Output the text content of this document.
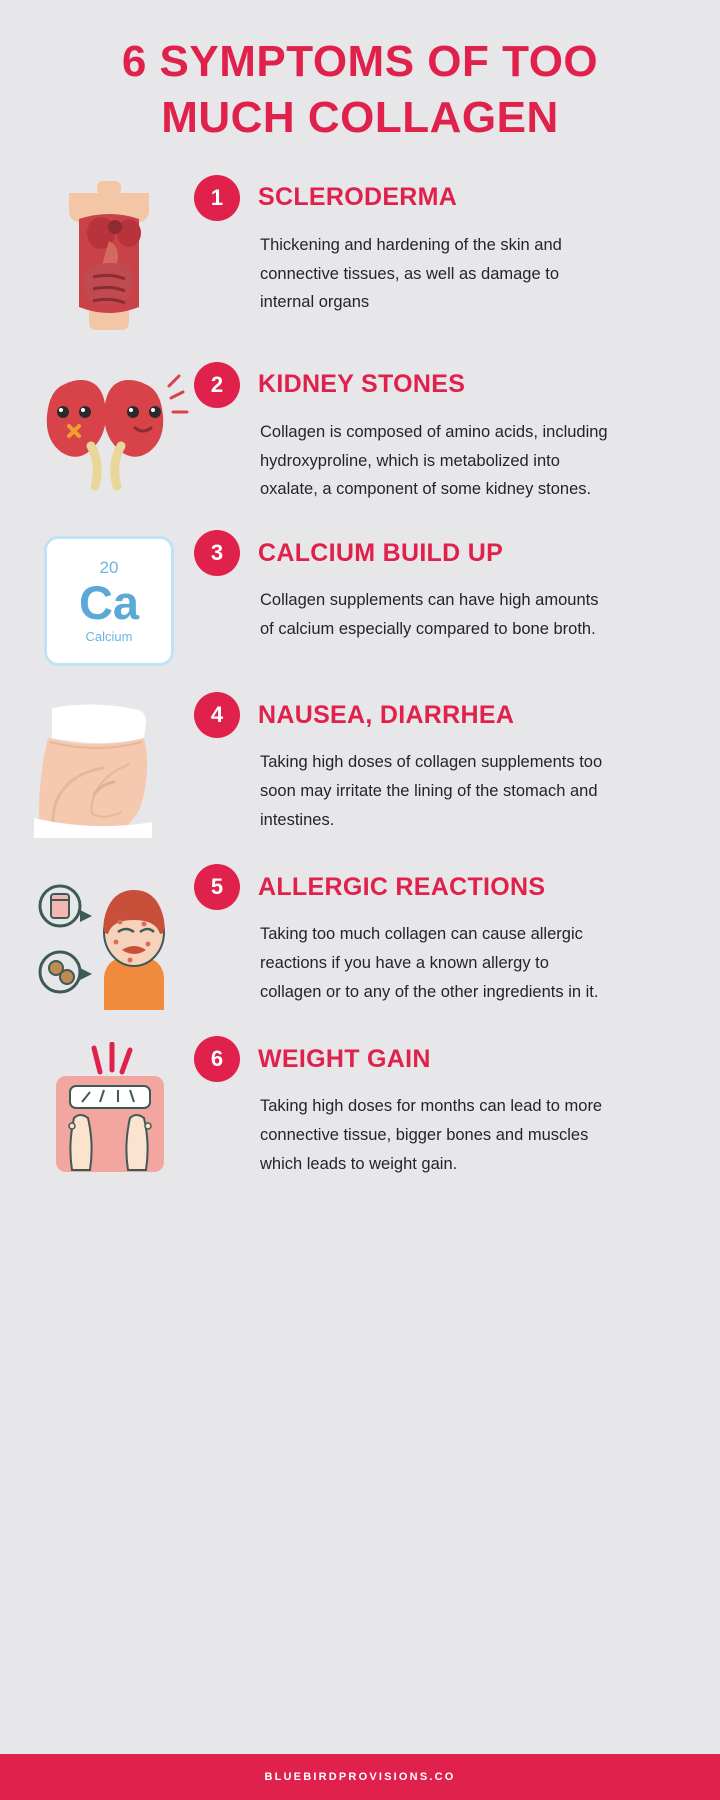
6 SYMPTOMS OF TOO MUCH COLLAGEN
1	SCLERODERMA
Thickening and hardening of the skin and connective tissues, as well as damage to internal organs
2	KIDNEY STONES
Collagen is composed of amino acids, including hydroxyproline, which is metabolized into oxalate, a component of some kidney stones.
20
Ca
Calcium
3	CALCIUM BUILD UP
Collagen supplements can have high amounts of calcium especially compared to bone broth.
4	NAUSEA, DIARRHEA
Taking high doses of collagen supplements too soon may irritate the lining of the stomach and intestines.
5	ALLERGIC REACTIONS
Taking too much collagen can cause allergic reactions if you have a known allergy to collagen or to any of the other ingredients in it.
6	WEIGHT GAIN
Taking high doses for months can lead to more connective tissue, bigger bones and muscles which leads to weight gain.
BLUEBIRDPROVISIONS.CO
